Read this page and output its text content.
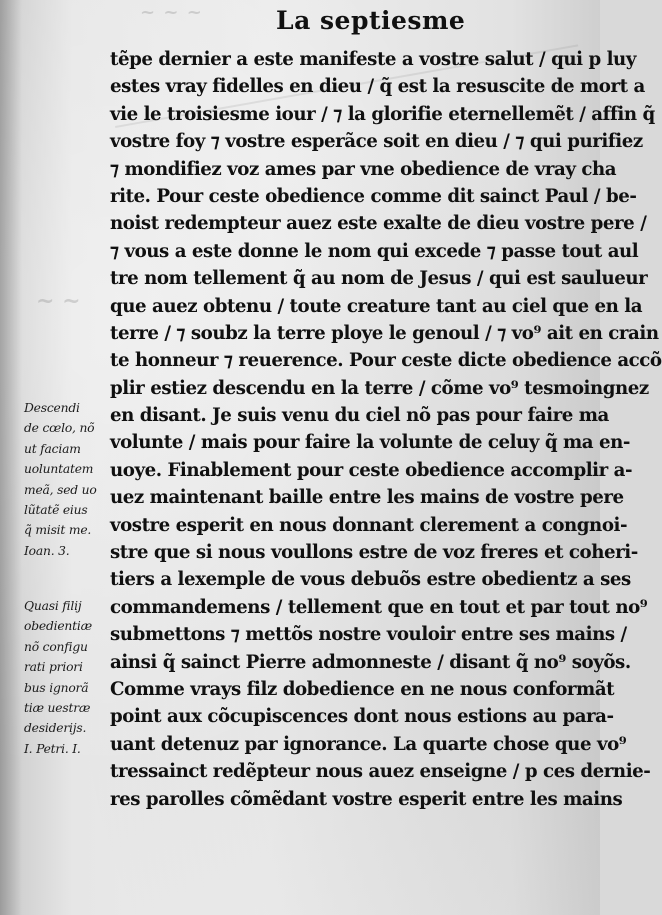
~ ~ ~
~ ~
La septiesme
tẽpe dernier a este manifeste a vostre salut / qui p luy
estes vray fidelles en dieu / q̃ est la resuscite de mort a
vie le troisiesme iour / ⁊ la glorifie eternellemẽt / affin q̃
vostre foy ⁊ vostre esperãce soit en dieu / ⁊ qui purifiez
⁊ mondifiez voz ames par vne obedience de vray cha
rite. Pour ceste obedience comme dit sainct Paul / be-
noist redempteur auez este exalte de dieu vostre pere /
⁊ vous a este donne le nom qui excede ⁊ passe tout aul
tre nom tellement q̃ au nom de Jesus / qui est saulueur
que auez obtenu / toute creature tant au ciel que en la
terre / ⁊ soubz la terre ploye le genoul / ⁊ vo⁹ ait en crain
te honneur ⁊ reuerence. Pour ceste dicte obedience accõ
plir estiez descendu en la terre / cõme vo⁹ tesmoingnez
en disant. Je suis venu du ciel nõ pas pour faire ma
volunte / mais pour faire la volunte de celuy q̃ ma en-
uoye. Finablement pour ceste obedience accomplir a-
uez maintenant baille entre les mains de vostre pere
vostre esperit en nous donnant clerement a congnoi-
stre que si nous voullons estre de voz freres et coheri-
tiers a lexemple de vous debuõs estre obedientz a ses
commandemens / tellement que en tout et par tout no⁹
submettons ⁊ mettõs nostre vouloir entre ses mains /
ainsi q̃ sainct Pierre admonneste / disant q̃ no⁹ soyõs.
Comme vrays filz dobedience en ne nous conformãt
point aux cõcupiscences dont nous estions au para-
uant detenuz par ignorance. La quarte chose que vo⁹
tressainct redẽpteur nous auez enseigne / p ces dernie-
res parolles cõmẽdant vostre esperit entre les mains
Descendi
de cœlo, nõ
ut faciam
uoluntatem
meã, sed uo
lũtatẽ eius
q̃ misit me.
Ioan. 3.
Quasi filij
obedientiæ
nõ configu
rati priori
bus ignorã
tiæ uestræ
desiderijs.
I. Petri. I.
